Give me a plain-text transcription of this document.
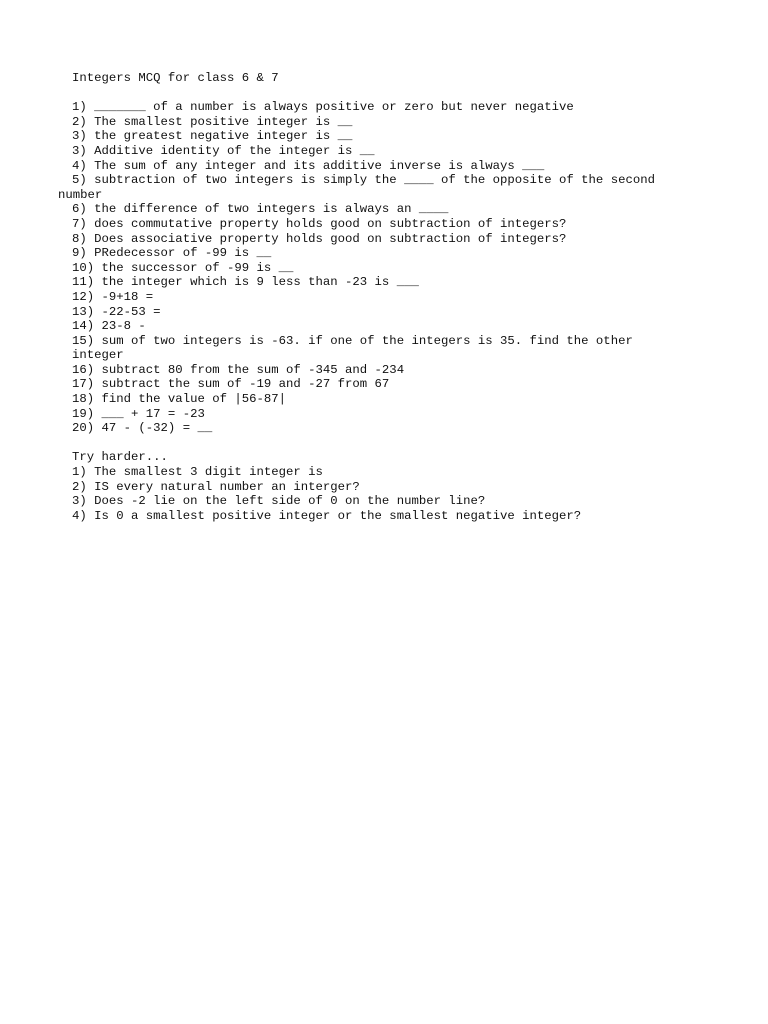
Integers MCQ for class 6 & 7
1) _______ of a number is always positive or zero but never negative
2) The smallest positive integer is __
3) the greatest negative integer is __
3) Additive identity of the integer is __
4) The sum of any integer and its additive inverse is always ___
5) subtraction of two integers is simply the ____ of the opposite of the second
number
6) the difference of two integers is always an ____
7) does commutative property holds good on subtraction of integers?
8) Does associative property holds good on subtraction of integers?
9) PRedecessor of -99 is __
10) the successor of -99 is __
11) the integer which is 9 less than -23 is ___
12) -9+18 =
13) -22-53 =
14) 23-8 -
15) sum of two integers is -63. if one of the integers is 35. find the other
integer
16) subtract 80 from the sum of -345 and -234
17) subtract the sum of -19 and -27 from 67
18) find the value of |56-87|
19) ___ + 17 = -23
20) 47 - (-32) = __
Try harder...
1) The smallest 3 digit integer is
2) IS every natural number an interger?
3) Does -2 lie on the left side of 0 on the number line?
4) Is 0 a smallest positive integer or the smallest negative integer?
